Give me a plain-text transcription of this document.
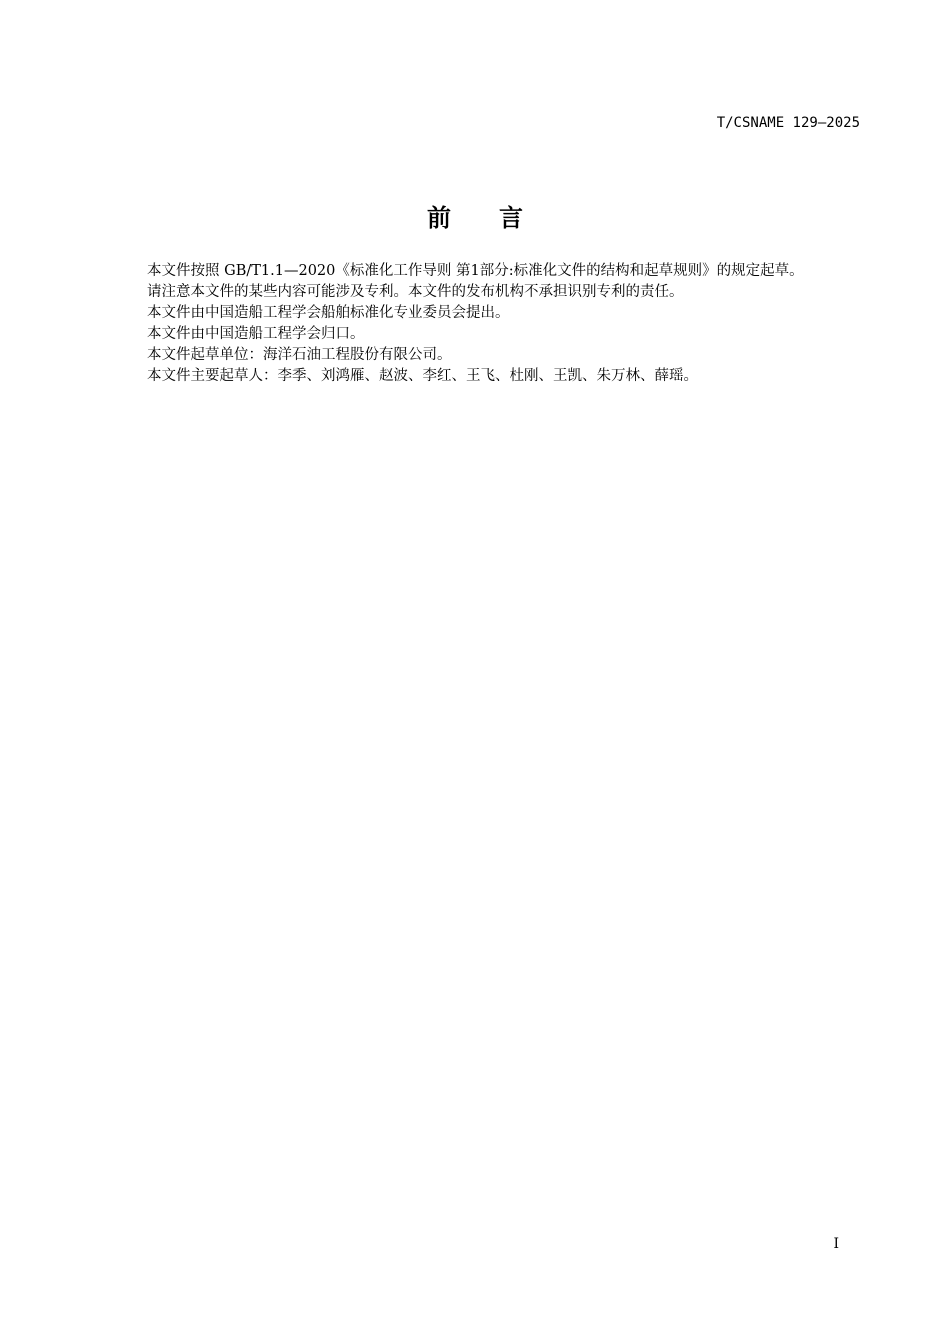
T/CSNAME 129—2025
前 言

本文件按照 GB/T1.1—2020《标准化工作导则 第1部分:标准化文件的结构和起草规则》的规定起草。

请注意本文件的某些内容可能涉及专利。本文件的发布机构不承担识别专利的责任。

本文件由中国造船工程学会船舶标准化专业委员会提出。

本文件由中国造船工程学会归口。

本文件起草单位：海洋石油工程股份有限公司。

本文件主要起草人：李季、刘鸿雁、赵波、李红、王飞、杜刚、王凯、朱万林、薛瑶。

I
